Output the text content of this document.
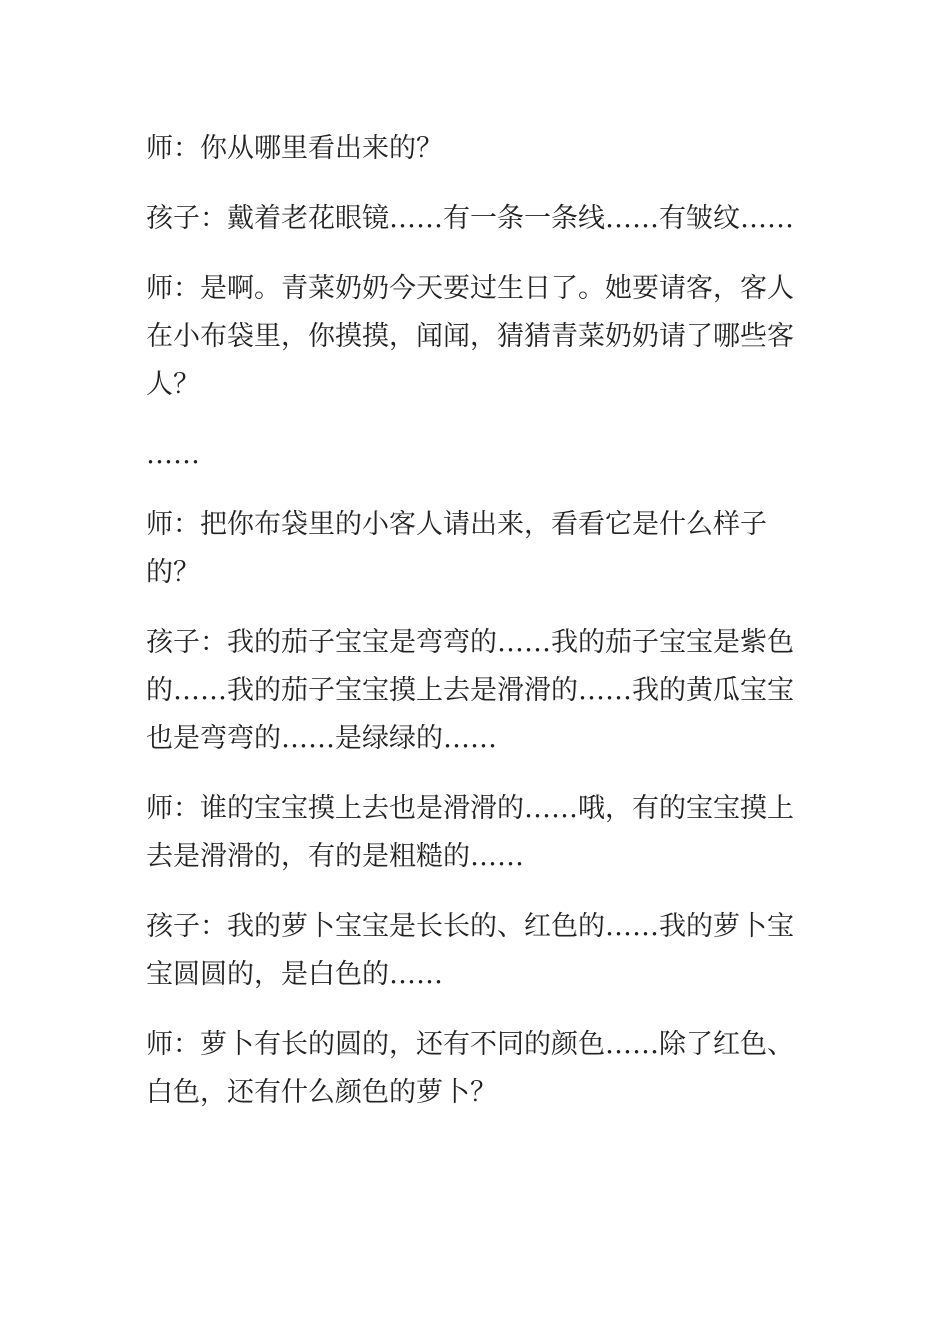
师：你从哪里看出来的？

孩子：戴着老花眼镜……有一条一条线……有皱纹……

师：是啊。青菜奶奶今天要过生日了。她要请客，客人在小布袋里，你摸摸，闻闻，猜猜青菜奶奶请了哪些客人？

……

师：把你布袋里的小客人请出来，看看它是什么样子的？

孩子：我的茄子宝宝是弯弯的……我的茄子宝宝是紫色的……我的茄子宝宝摸上去是滑滑的……我的黄瓜宝宝也是弯弯的……是绿绿的……

师：谁的宝宝摸上去也是滑滑的……哦，有的宝宝摸上去是滑滑的，有的是粗糙的……

孩子：我的萝卜宝宝是长长的、红色的……我的萝卜宝宝圆圆的，是白色的……

师：萝卜有长的圆的，还有不同的颜色……除了红色、白色，还有什么颜色的萝卜？
